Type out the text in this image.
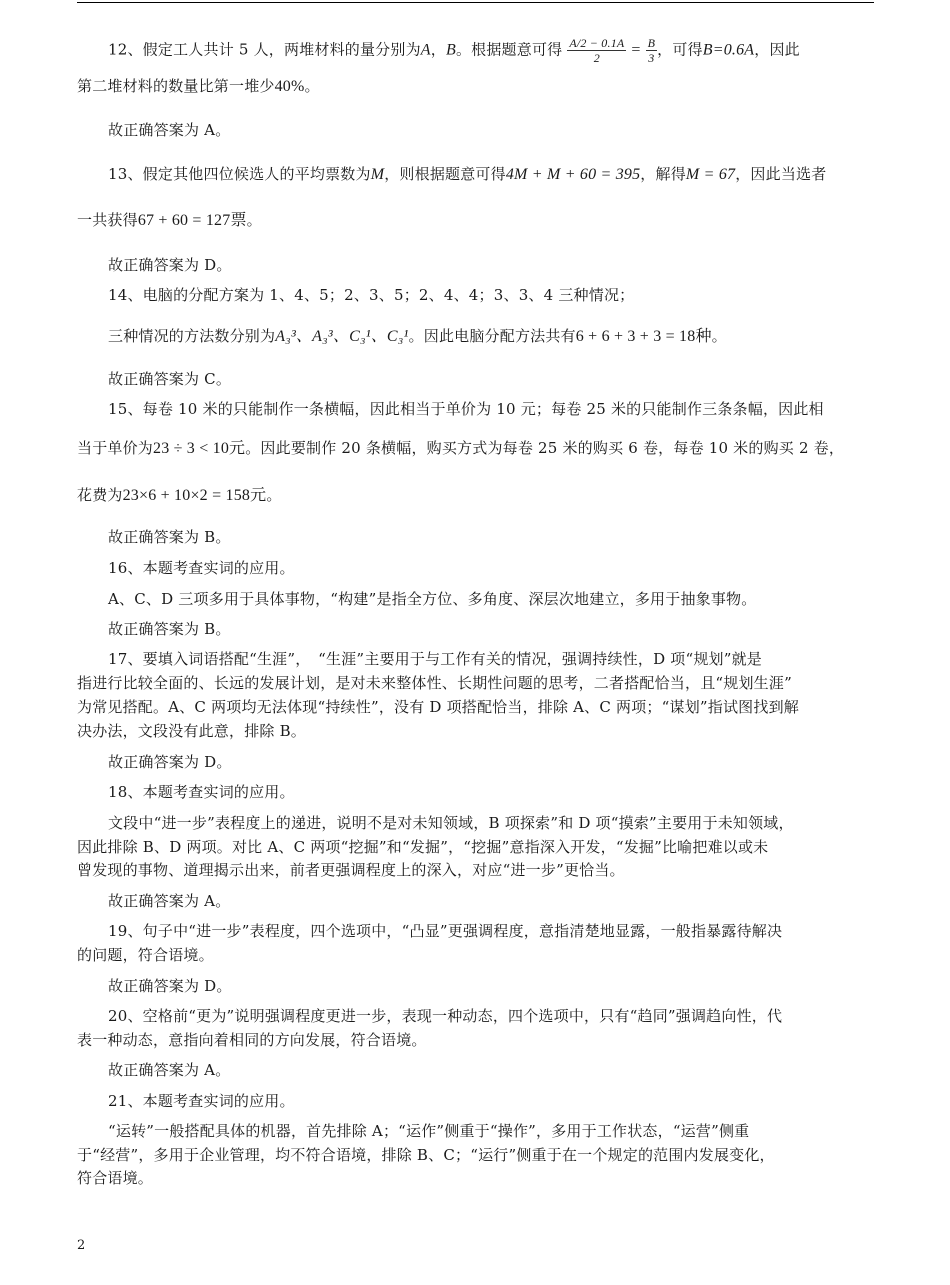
12、假定工人共计 5 人，两堆材料的量分别为A，B。根据题意可得 $\frac{A/2 - 0.1A}{2} = \frac{B}{3}$ ，可得B=0.6A，因此
第二堆材料的数量比第一堆少40%。
故正确答案为 A。
13、假定其他四位候选人的平均票数为M，则根据题意可得4M + M + 60 = 395，解得M = 67，因此当选者
一共获得67 + 60 = 127票。
故正确答案为 D。
14、电脑的分配方案为 1、4、5；2、3、5；2、4、4；3、3、4 三种情况；
三种情况的方法数分别为A₃³、A₃³、C₃¹、C₃¹。因此电脑分配方法共有6 + 6 + 3 + 3 = 18种。
故正确答案为 C。
15、每卷 10 米的只能制作一条横幅，因此相当于单价为 10 元；每卷 25 米的只能制作三条条幅，因此相
当于单价为23 ÷ 3 < 10元。因此要制作 20 条横幅，购买方式为每卷 25 米的购买 6 卷，每卷 10 米的购买 2 卷，
花费为23×6 + 10×2 = 158元。
故正确答案为 B。
16、本题考查实词的应用。
A、C、D 三项多用于具体事物，“构建”是指全方位、多角度、深层次地建立，多用于抽象事物。
故正确答案为 B。
17、要填入词语搭配“生涯”，　“生涯”主要用于与工作有关的情况，强调持续性，D 项“规划”就是
指进行比较全面的、长远的发展计划，是对未来整体性、长期性问题的思考，二者搭配恰当，且“规划生涯”
为常见搭配。A、C 两项均无法体现“持续性”，没有 D 项搭配恰当，排除 A、C 两项；“谋划”指试图找到解
决办法，文段没有此意，排除 B。
故正确答案为 D。
18、本题考查实词的应用。
文段中“进一步”表程度上的递进，说明不是对未知领域，B 项探索”和 D 项“摸索”主要用于未知领域，
因此排除 B、D 两项。对比 A、C 两项“挖掘”和“发掘”，“挖掘”意指深入开发，“发掘”比喻把难以或未
曾发现的事物、道理揭示出来，前者更强调程度上的深入，对应“进一步”更恰当。
故正确答案为 A。
19、句子中“进一步”表程度，四个选项中，“凸显”更强调程度，意指清楚地显露，一般指暴露待解决
的问题，符合语境。
故正确答案为 D。
20、空格前“更为”说明强调程度更进一步，表现一种动态，四个选项中，只有“趋同”强调趋向性，代
表一种动态，意指向着相同的方向发展，符合语境。
故正确答案为 A。
21、本题考查实词的应用。
“运转”一般搭配具体的机器，首先排除 A；“运作”侧重于“操作”，多用于工作状态，“运营”侧重
于“经营”，多用于企业管理，均不符合语境，排除 B、C；“运行”侧重于在一个规定的范围内发展变化，
符合语境。
2
